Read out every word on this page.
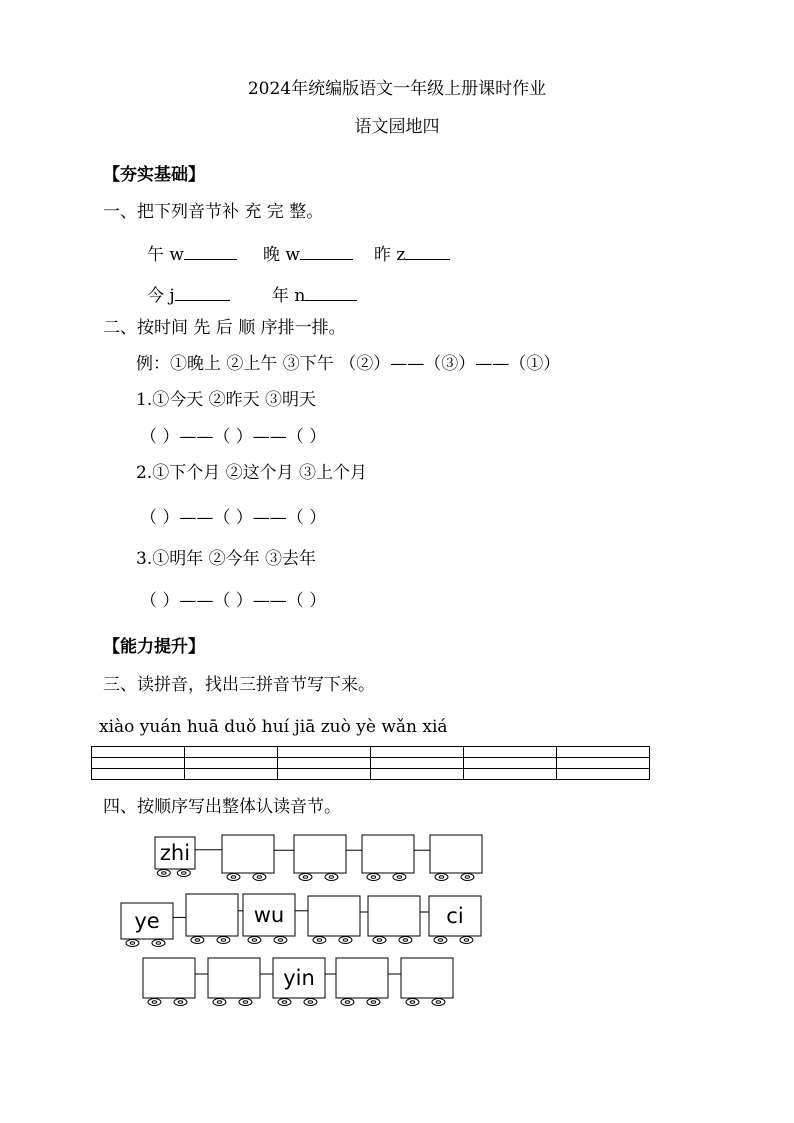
2024年统编版语文一年级上册课时作业
语文园地四
【夯实基础】
一、把下列音节补 充 完 整。
午 w	晚 w	昨 z
今 j	年 n
二、按时间 先 后 顺 序排一排。
例：①晚上 ②上午 ③下午 （②）——（③）——（①）
1.①今天 ②昨天 ③明天
（ ）——（ ）——（ ）
2.①下个月 ②这个月 ③上个月
（ ）——（ ）——（ ）
3.①明年 ②今年 ③去年
（ ）——（ ）——（ ）
【能力提升】
三、读拼音，找出三拼音节写下来。
xiào yuán huā duǒ huí jiā zuò yè wǎn xiá

四、按顺序写出整体认读音节。
zhi
ye	wu	ci
yin
